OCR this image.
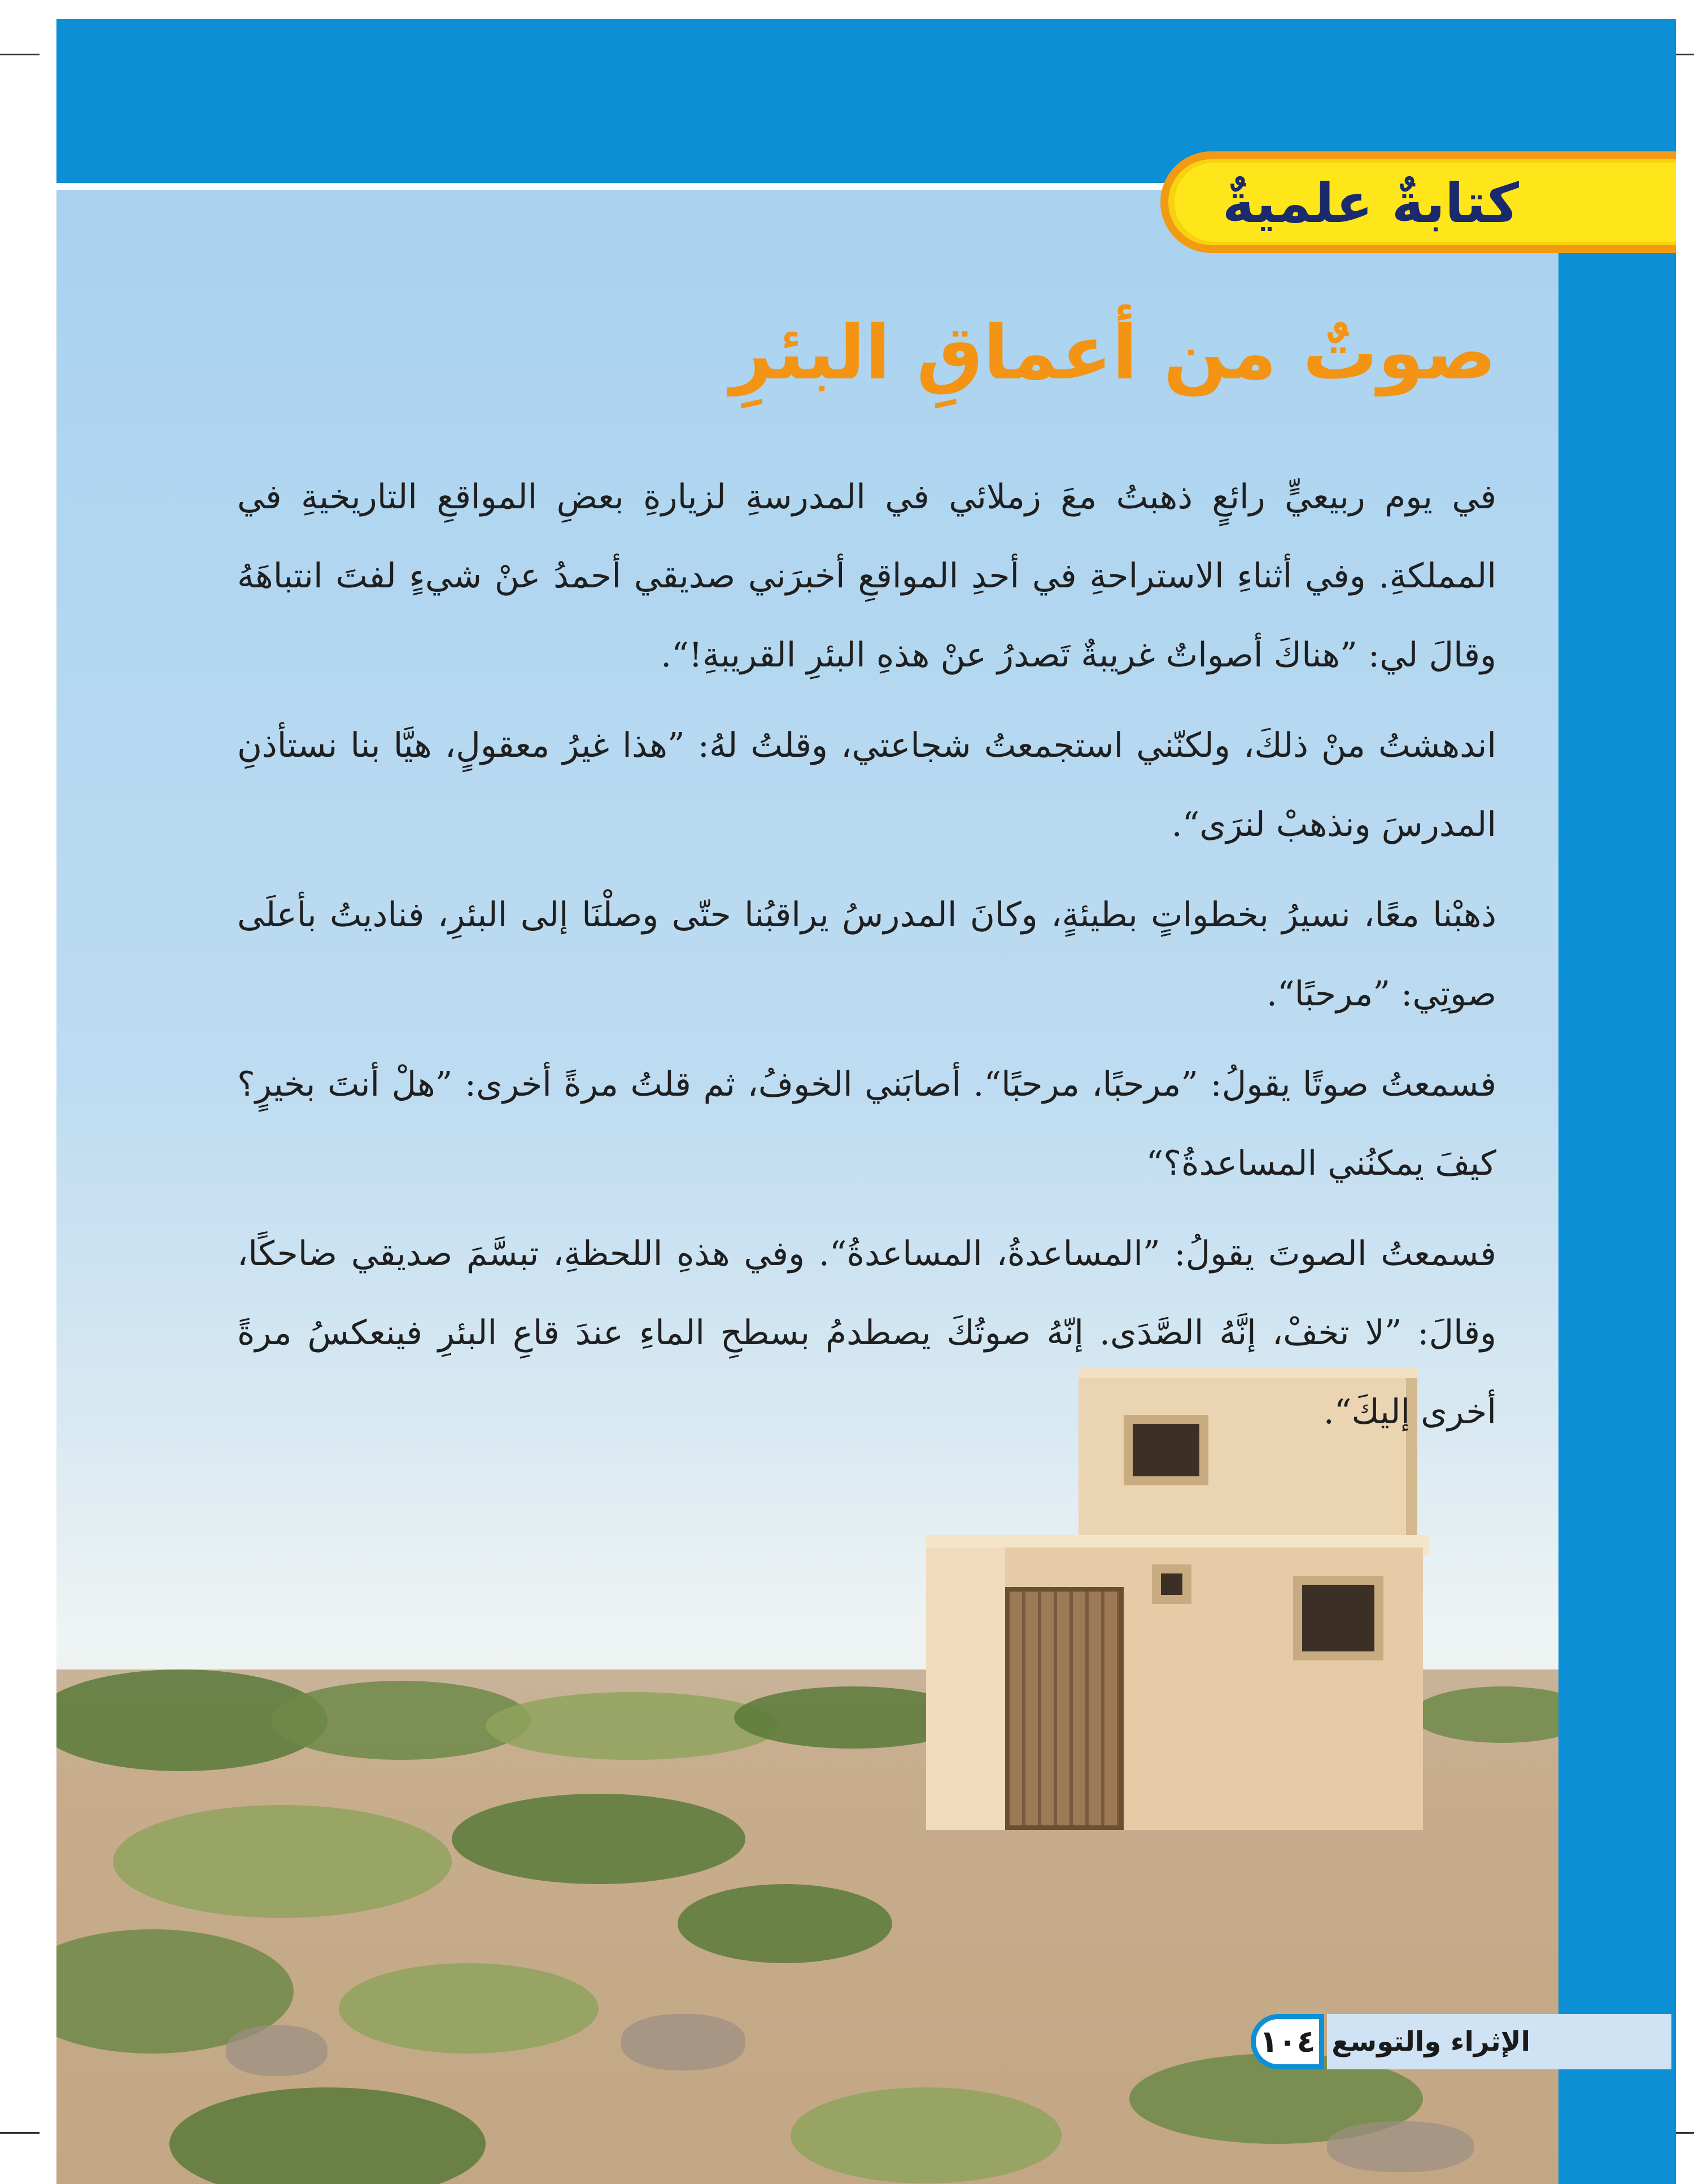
كتابةٌ علميةٌ
صوتٌ من أعماقِ البئرِ

في يوم ربيعيٍّ رائعٍ ذهبتُ معَ زملائي في المدرسةِ لزيارةِ بعضِ المواقعِ التاريخيةِ في المملكةِ. وفي أثناءِ الاستراحةِ في أحدِ المواقعِ أخبرَني صديقي أحمدُ عنْ شيءٍ لفتَ انتباهَهُ وقالَ لي: ”هناكَ أصواتٌ غريبةٌ تَصدرُ عنْ هذهِ البئرِ القريبةِ!“.

اندهشتُ منْ ذلكَ، ولكنّني استجمعتُ شجاعتي، وقلتُ لهُ: ”هذا غيرُ معقولٍ، هيَّا بنا نستأذنِ المدرسَ ونذهبْ لنرَى“.

ذهبْنا معًا، نسيرُ بخطواتٍ بطيئةٍ، وكانَ المدرسُ يراقبُنا حتّى وصلْنَا إلى البئرِ، فناديتُ بأعلَى صوتِي: ”مرحبًا“.

فسمعتُ صوتًا يقولُ: ”مرحبًا، مرحبًا“. أصابَني الخوفُ، ثم قلتُ مرةً أخرى: ”هلْ أنتَ بخيرٍ؟ كيفَ يمكنُني المساعدةُ؟“

فسمعتُ الصوتَ يقولُ: ”المساعدةُ، المساعدةُ“. وفي هذهِ اللحظةِ، تبسَّمَ صديقي ضاحكًا، وقالَ: ”لا تخفْ، إنَّهُ الصَّدَى. إنّهُ صوتُكَ يصطدمُ بسطحِ الماءِ عندَ قاعِ البئرِ فينعكسُ مرةً أخرى إليكَ“.

الإثراء والتوسع
١٠٤
